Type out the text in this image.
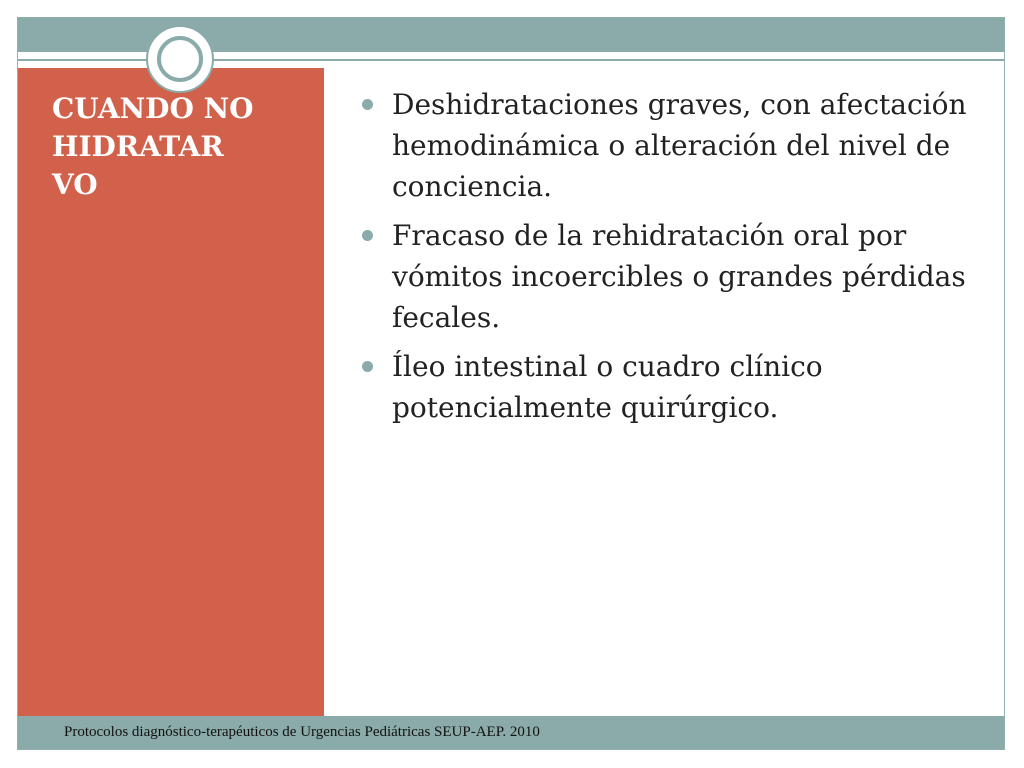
CUANDO NO
HIDRATAR
VO
Deshidrataciones graves, con afectación hemodinámica o alteración del nivel de conciencia.
Fracaso de la rehidratación oral por vómitos incoercibles o grandes pérdidas fecales.
Íleo intestinal o cuadro clínico potencialmente quirúrgico.
Protocolos diagnóstico-terapéuticos de Urgencias Pediátricas SEUP-AEP. 2010
